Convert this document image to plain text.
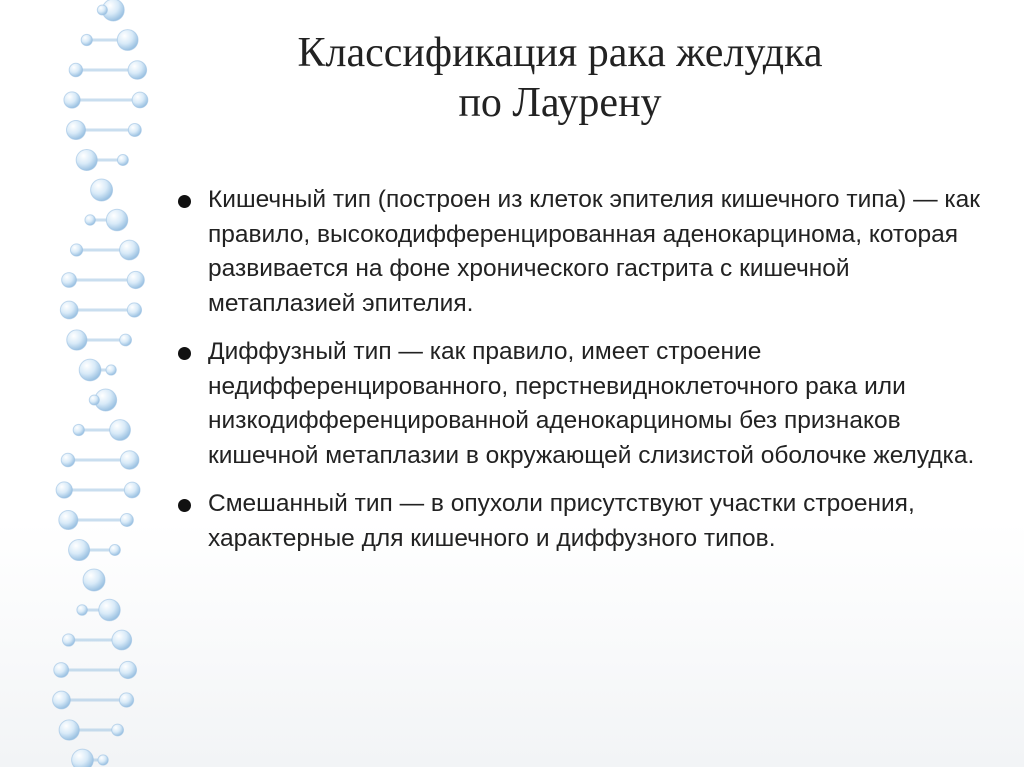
Классификация рака желудка
по Лаурену
Кишечный тип (построен из клеток эпителия кишечного типа) — как правило, высокодифференцированная аденокарцинома, которая развивается на фоне хронического гастрита с кишечной метаплазией эпителия.
Диффузный тип — как правило, имеет строение недифференцированного, перстневидноклеточного рака или низкодифференцированной аденокарциномы без признаков кишечной метаплазии в окружающей слизистой оболочке желудка.
Смешанный тип — в опухоли присутствуют участки строения, характерные для кишечного и диффузного типов.
